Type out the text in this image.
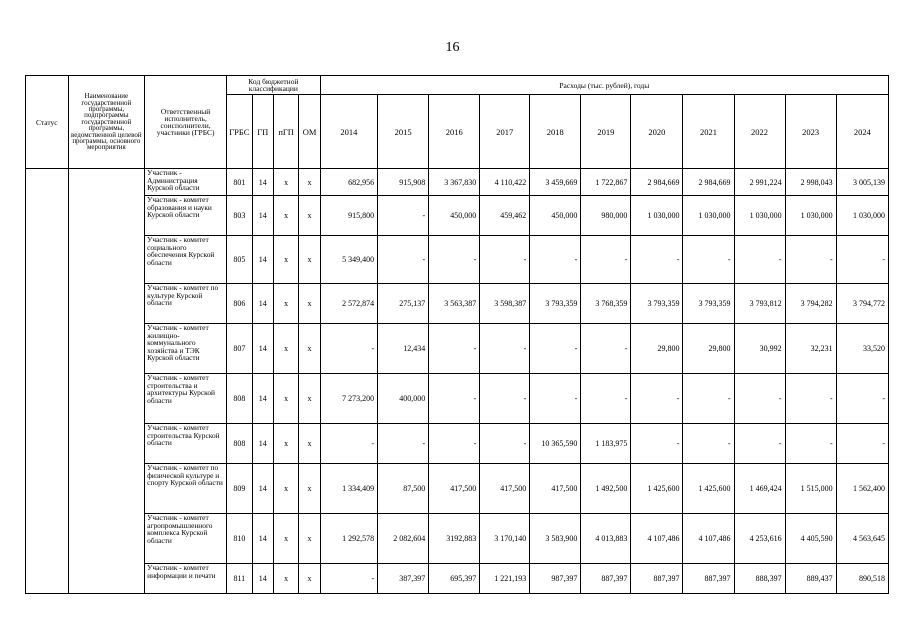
16
Статус	Наименование государственной программы, подпрограммы государственной программы, ведомственной целевой программы, основного мероприятия	Ответственный исполнитель, соисполнители, участники (ГРБС)	Код бюджетной классификации				Расходы (тыс. рублей), годы										
			ГРБС	ГП	пГП	ОМ	2014	2015	2016	2017	2018	2019	2020	2021	2022	2023	2024
		Участник - Администрация Курской области	801	14	х	х	682,956	915,908	3 367,830	4 110,422	3 459,669	1 722,867	2 984,669	2 984,669	2 991,224	2 998,043	3 005,139
		Участник - комитет образования и науки Курской области	803	14	х	х	915,800	-	450,000	459,462	450,000	980,000	1 030,000	1 030,000	1 030,000	1 030,000	1 030,000
		Участник - комитет социального обеспечения Курской области	805	14	х	х	5 349,400	-	-	-	-	-	-	-	-	-	-
		Участник - комитет по культуре Курской области	806	14	х	х	2 572,874	275,137	3 563,387	3 598,387	3 793,359	3 768,359	3 793,359	3 793,359	3 793,812	3 794,282	3 794,772
		Участник - комитет жилищно-коммунального хозяйства и ТЭК Курской области	807	14	х	х	-	12,434	-	-	-	-	29,800	29,800	30,992	32,231	33,520
		Участник - комитет строительства и архитектуры Курской области	808	14	х	х	7 273,200	400,000	-	-	-	-	-	-	-	-	-
		Участник - комитет строительства Курской области	808	14	х	х	-	-	-	-	10 365,590	1 183,975	-	-	-	-	-
		Участник - комитет по физической культуре и спорту Курской области	809	14	х	х	1 334,409	87,500	417,500	417,500	417,500	1 492,500	1 425,600	1 425,600	1 469,424	1 515,000	1 562,400
		Участник - комитет агропромышленного комплекса Курской области	810	14	х	х	1 292,578	2 082,604	3192,883	3 170,140	3 583,900	4 013,883	4 107,486	4 107,486	4 253,616	4 405,590	4 563,645
		Участник - комитет информации и печати	811	14	х	х	-	387,397	695,397	1 221,193	987,397	887,397	887,397	887,397	888,397	889,437	890,518
